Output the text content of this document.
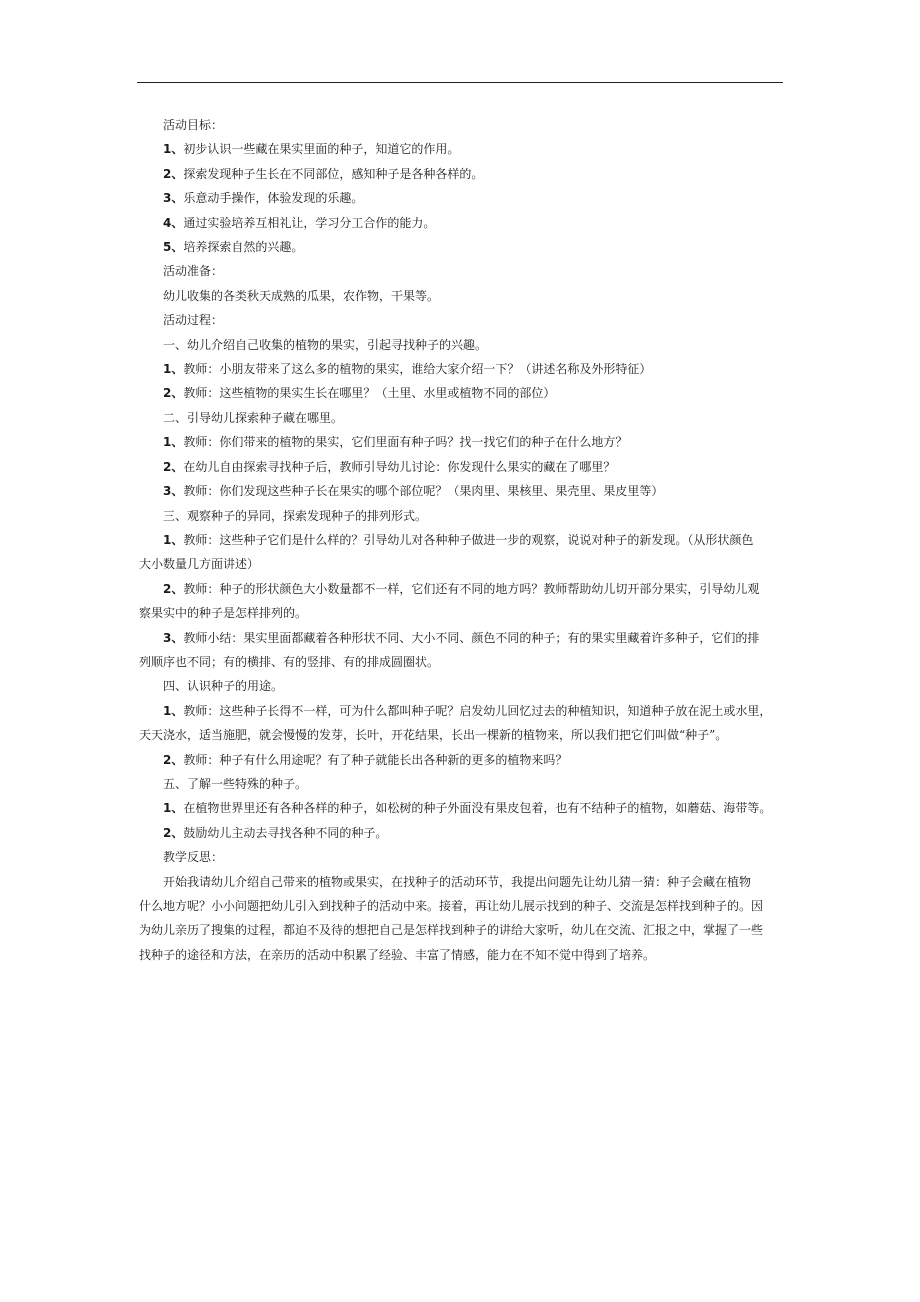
活动目标：

1、初步认识一些藏在果实里面的种子，知道它的作用。

2、探索发现种子生长在不同部位，感知种子是各种各样的。

3、乐意动手操作，体验发现的乐趣。

4、通过实验培养互相礼让，学习分工合作的能力。

5、培养探索自然的兴趣。

活动准备：

幼儿收集的各类秋天成熟的瓜果，农作物，干果等。

活动过程：

一、幼儿介绍自己收集的植物的果实，引起寻找种子的兴趣。

1、教师：小朋友带来了这么多的植物的果实，谁给大家介绍一下？（讲述名称及外形特征）

2、教师：这些植物的果实生长在哪里？（土里、水里或植物不同的部位）

二、引导幼儿探索种子藏在哪里。

1、教师：你们带来的植物的果实，它们里面有种子吗？找一找它们的种子在什么地方？

2、在幼儿自由探索寻找种子后，教师引导幼儿讨论：你发现什么果实的藏在了哪里？

3、教师：你们发现这些种子长在果实的哪个部位呢？（果肉里、果核里、果壳里、果皮里等）

三、观察种子的异同，探索发现种子的排列形式。

1、教师：这些种子它们是什么样的？引导幼儿对各种种子做进一步的观察，说说对种子的新发现。（从形状颜色

大小数量几方面讲述）

2、教师：种子的形状颜色大小数量都不一样，它们还有不同的地方吗？教师帮助幼儿切开部分果实，引导幼儿观

察果实中的种子是怎样排列的。

3、教师小结：果实里面都藏着各种形状不同、大小不同、颜色不同的种子；有的果实里藏着许多种子，它们的排

列顺序也不同；有的横排、有的竖排、有的排成圆圈状。

四、认识种子的用途。

1、教师：这些种子长得不一样，可为什么都叫种子呢？启发幼儿回忆过去的种植知识，知道种子放在泥土或水里，

天天浇水，适当施肥，就会慢慢的发芽，长叶，开花结果，长出一棵新的植物来，所以我们把它们叫做“种子”。

2、教师：种子有什么用途呢？有了种子就能长出各种新的更多的植物来吗？

五、了解一些特殊的种子。

1、在植物世界里还有各种各样的种子，如松树的种子外面没有果皮包着，也有不结种子的植物，如蘑菇、海带等。

2、鼓励幼儿主动去寻找各种不同的种子。

教学反思：

开始我请幼儿介绍自己带来的植物或果实，在找种子的活动环节，我提出问题先让幼儿猜一猜：种子会藏在植物

什么地方呢？小小问题把幼儿引入到找种子的活动中来。接着，再让幼儿展示找到的种子、交流是怎样找到种子的。因

为幼儿亲历了搜集的过程，都迫不及待的想把自己是怎样找到种子的讲给大家听，幼儿在交流、汇报之中，掌握了一些

找种子的途径和方法，在亲历的活动中积累了经验、丰富了情感，能力在不知不觉中得到了培养。
